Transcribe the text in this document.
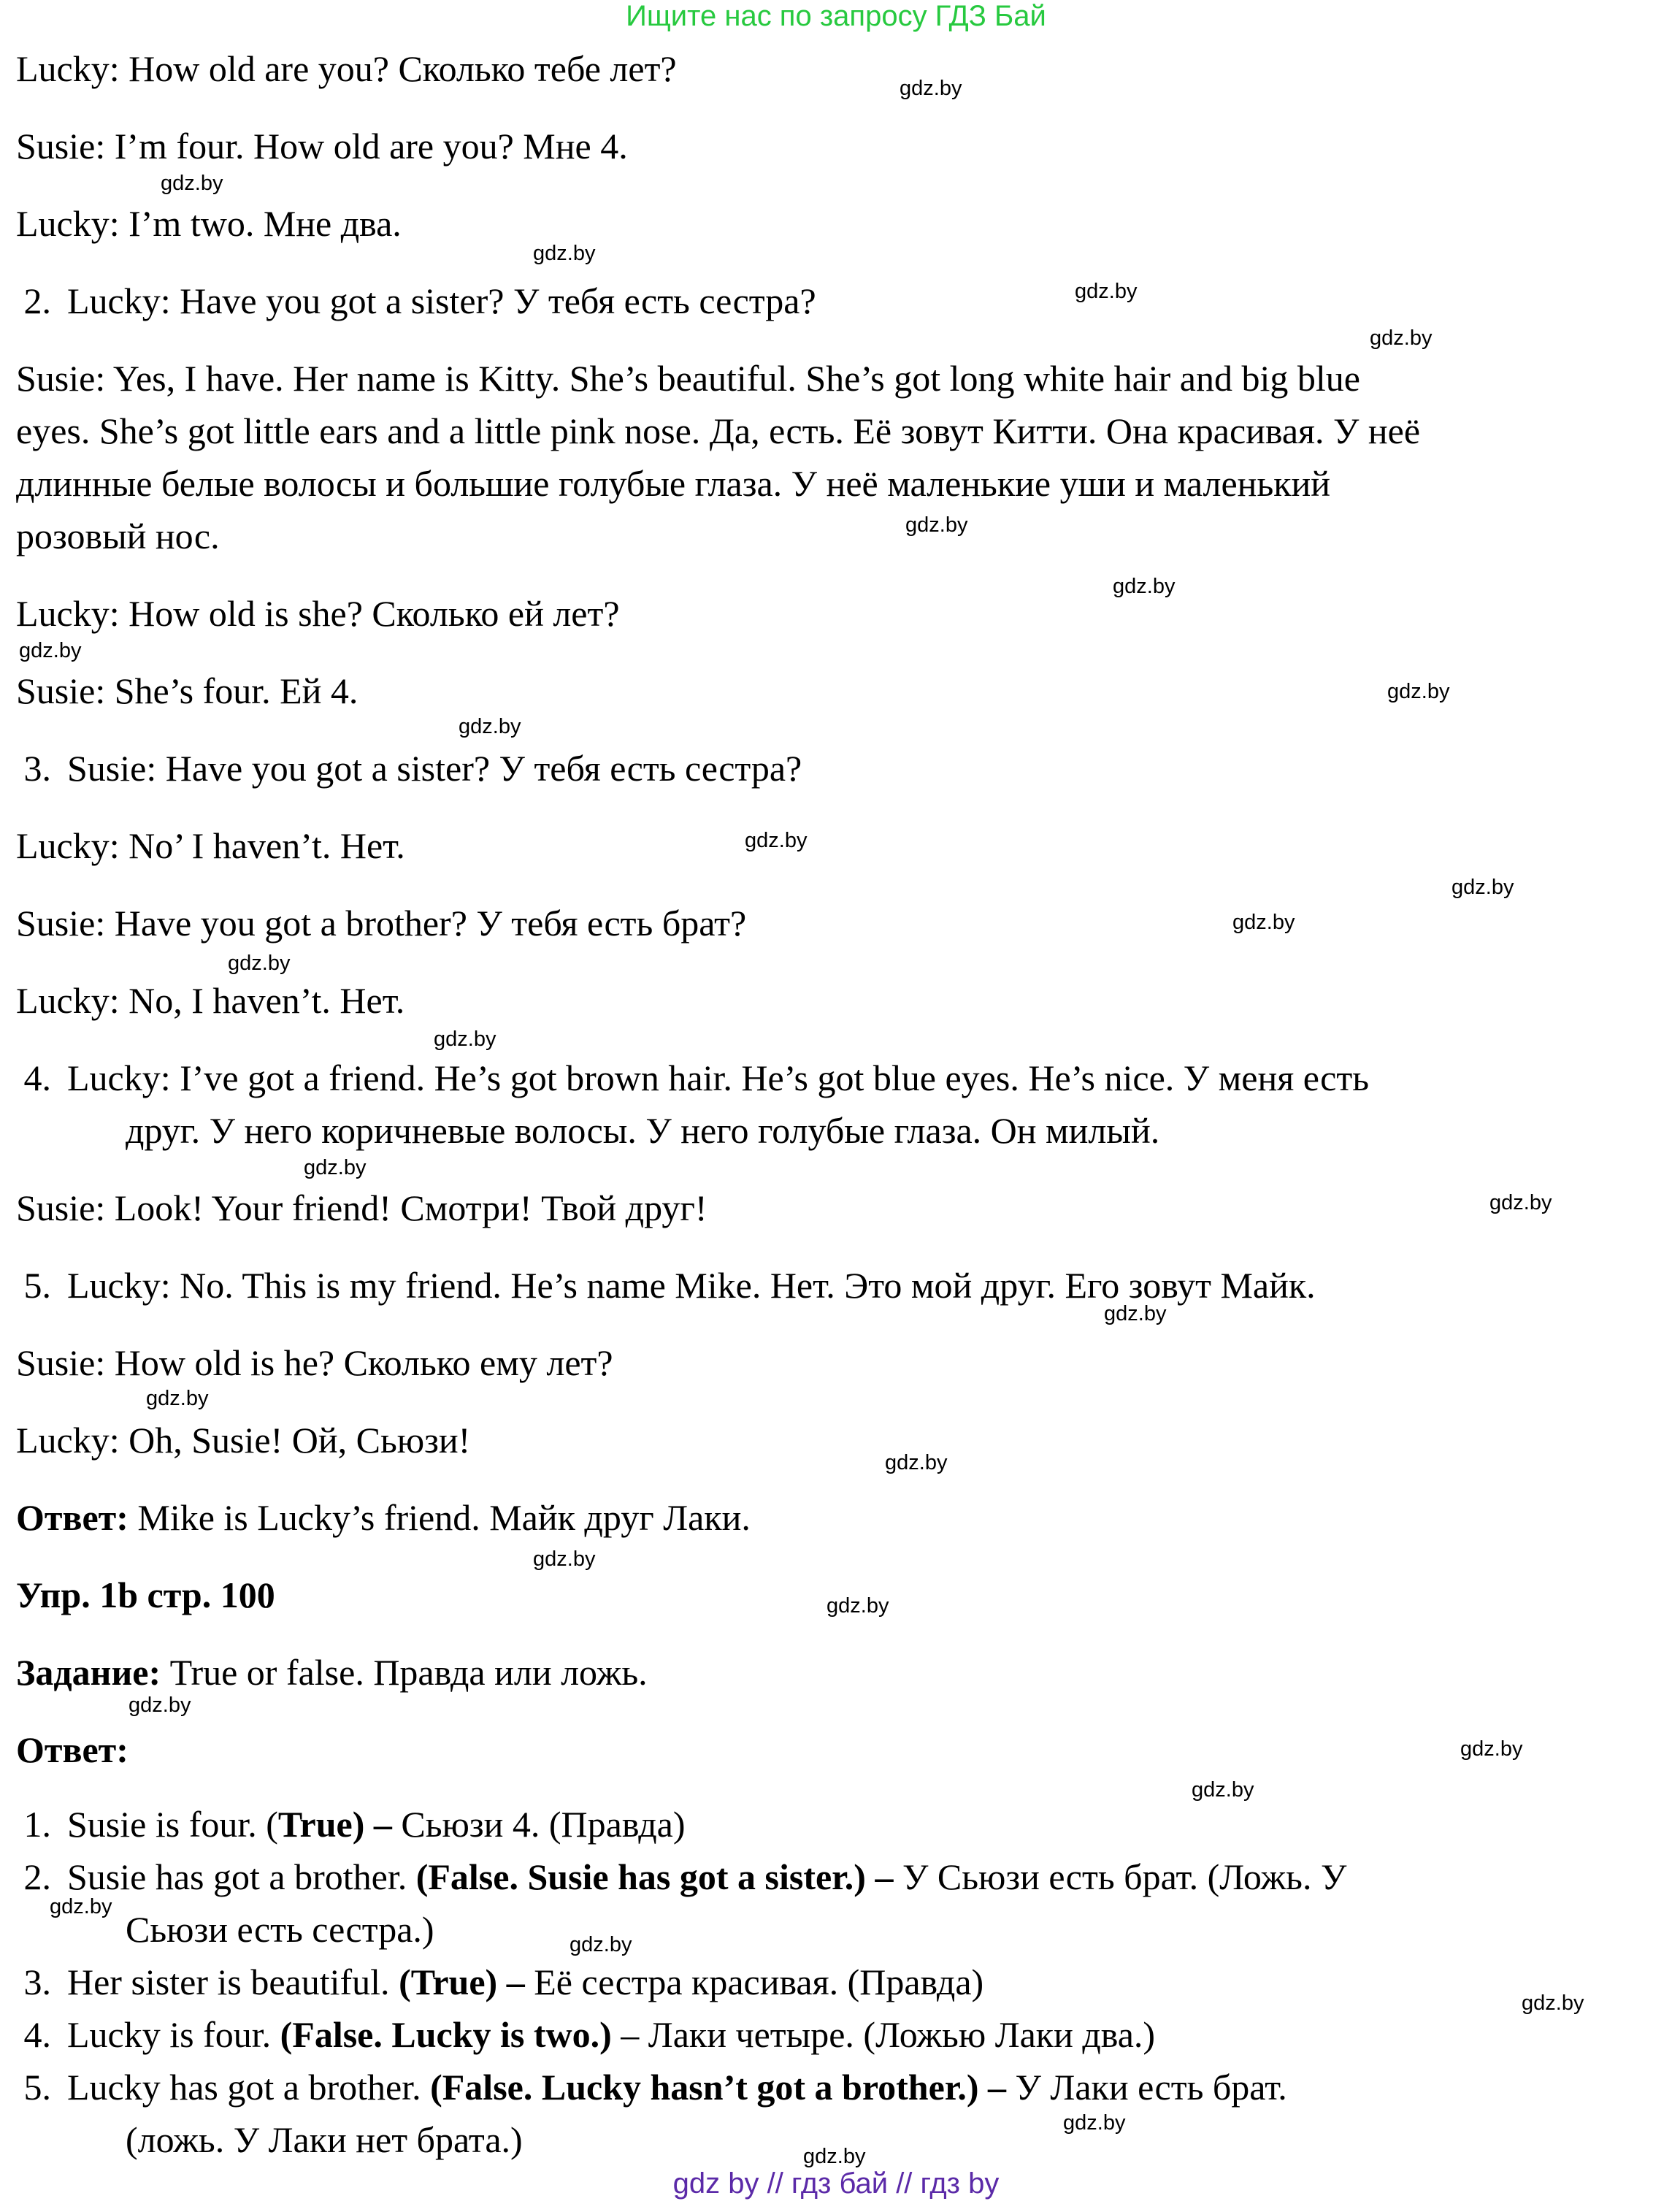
Ищите нас по запросу ГДЗ Бай
Lucky: How old are you? Сколько тебе лет?
Susie: I’m four. How old are you? Мне 4.
Lucky: I’m two. Мне два.
2. Lucky: Have you got a sister? У тебя есть сестра?
Susie: Yes, I have. Her name is Kitty. She’s beautiful. She’s got long white hair and big blue
eyes. She’s got little ears and a little pink nose. Да, есть. Её зовут Китти. Она красивая. У неё
длинные белые волосы и большие голубые глаза. У неё маленькие уши и маленький
розовый нос.
Lucky: How old is she? Сколько ей лет?
Susie: She’s four. Ей 4.
3. Susie: Have you got a sister? У тебя есть сестра?
Lucky: No’ I haven’t. Нет.
Susie: Have you got a brother? У тебя есть брат?
Lucky: No, I haven’t. Нет.
4. Lucky: I’ve got a friend. He’s got brown hair. He’s got blue eyes. He’s nice. У меня есть
друг. У него коричневые волосы. У него голубые глаза. Он милый.
Susie: Look! Your friend! Смотри! Твой друг!
5. Lucky: No. This is my friend. He’s name Mike. Нет. Это мой друг. Его зовут Майк.
Susie: How old is he? Сколько ему лет?
Lucky: Oh, Susie! Ой, Сьюзи!
Ответ: Mike is Lucky’s friend. Майк друг Лаки.
Упр. 1b стр. 100
Задание: True or false. Правда или ложь.
Ответ:
1. Susie is four. (True) – Сьюзи 4. (Правда)
2. Susie has got a brother. (False. Susie has got a sister.) – У Сьюзи есть брат. (Ложь. У
Сьюзи есть сестра.)
3. Her sister is beautiful. (True) – Её сестра красивая. (Правда)
4. Lucky is four. (False. Lucky is two.) – Лаки четыре. (Ложью Лаки два.)
5. Lucky has got a brother. (False. Lucky hasn’t got a brother.) – У Лаки есть брат.
(ложь. У Лаки нет брата.)
gdz.by
gdz.by
gdz.by
gdz.by
gdz.by
gdz.by
gdz.by
gdz.by
gdz.by
gdz.by
gdz.by
gdz.by
gdz.by
gdz.by
gdz.by
gdz.by
gdz.by
gdz.by
gdz.by
gdz.by
gdz.by
gdz.by
gdz.by
gdz.by
gdz.by
gdz.by
gdz.by
gdz.by
gdz.by
gdz.by
gdz by // гдз бай // гдз by
